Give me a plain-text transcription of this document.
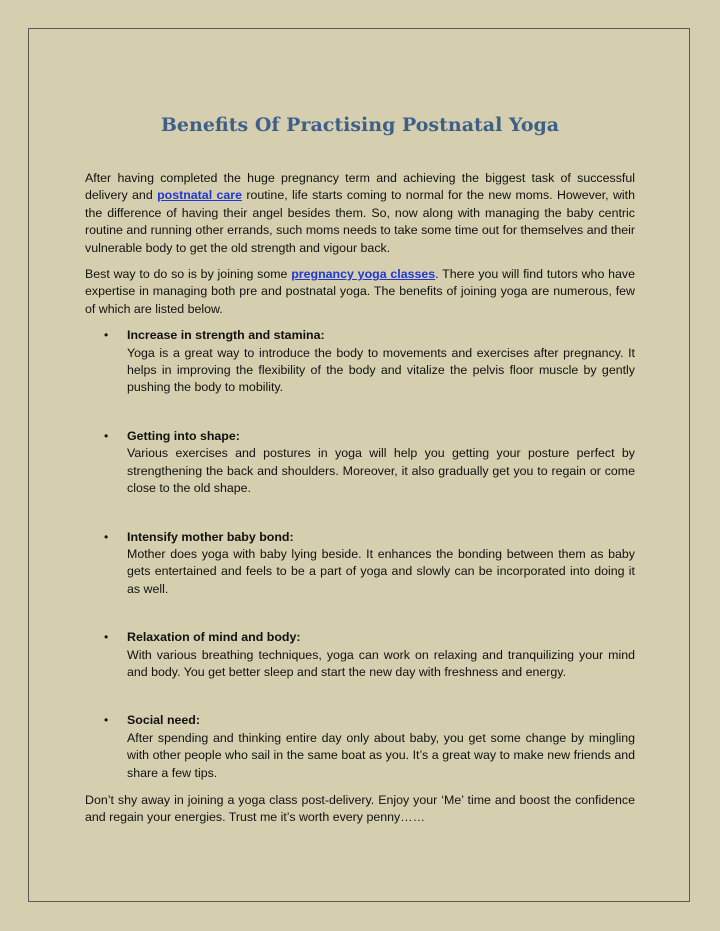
Benefits Of Practising Postnatal Yoga

After having completed the huge pregnancy term and achieving the biggest task of successful delivery and postnatal care routine, life starts coming to normal for the new moms. However, with the difference of having their angel besides them. So, now along with managing the baby centric routine and running other errands, such moms needs to take some time out for themselves and their vulnerable body to get the old strength and vigour back.

Best way to do so is by joining some pregnancy yoga classes. There you will find tutors who have expertise in managing both pre and postnatal yoga. The benefits of joining yoga are numerous, few of which are listed below.

• Increase in strength and stamina:
Yoga is a great way to introduce the body to movements and exercises after pregnancy. It helps in improving the flexibility of the body and vitalize the pelvis floor muscle by gently pushing the body to mobility.
• Getting into shape:
Various exercises and postures in yoga will help you getting your posture perfect by strengthening the back and shoulders. Moreover, it also gradually get you to regain or come close to the old shape.
• Intensify mother baby bond:
Mother does yoga with baby lying beside. It enhances the bonding between them as baby gets entertained and feels to be a part of yoga and slowly can be incorporated into doing it as well.
• Relaxation of mind and body:
With various breathing techniques, yoga can work on relaxing and tranquilizing your mind and body. You get better sleep and start the new day with freshness and energy.
• Social need:
After spending and thinking entire day only about baby, you get some change by mingling with other people who sail in the same boat as you. It’s a great way to make new friends and share a few tips.

Don’t shy away in joining a yoga class post-delivery. Enjoy your ‘Me’ time and boost the confidence and regain your energies. Trust me it’s worth every penny……
